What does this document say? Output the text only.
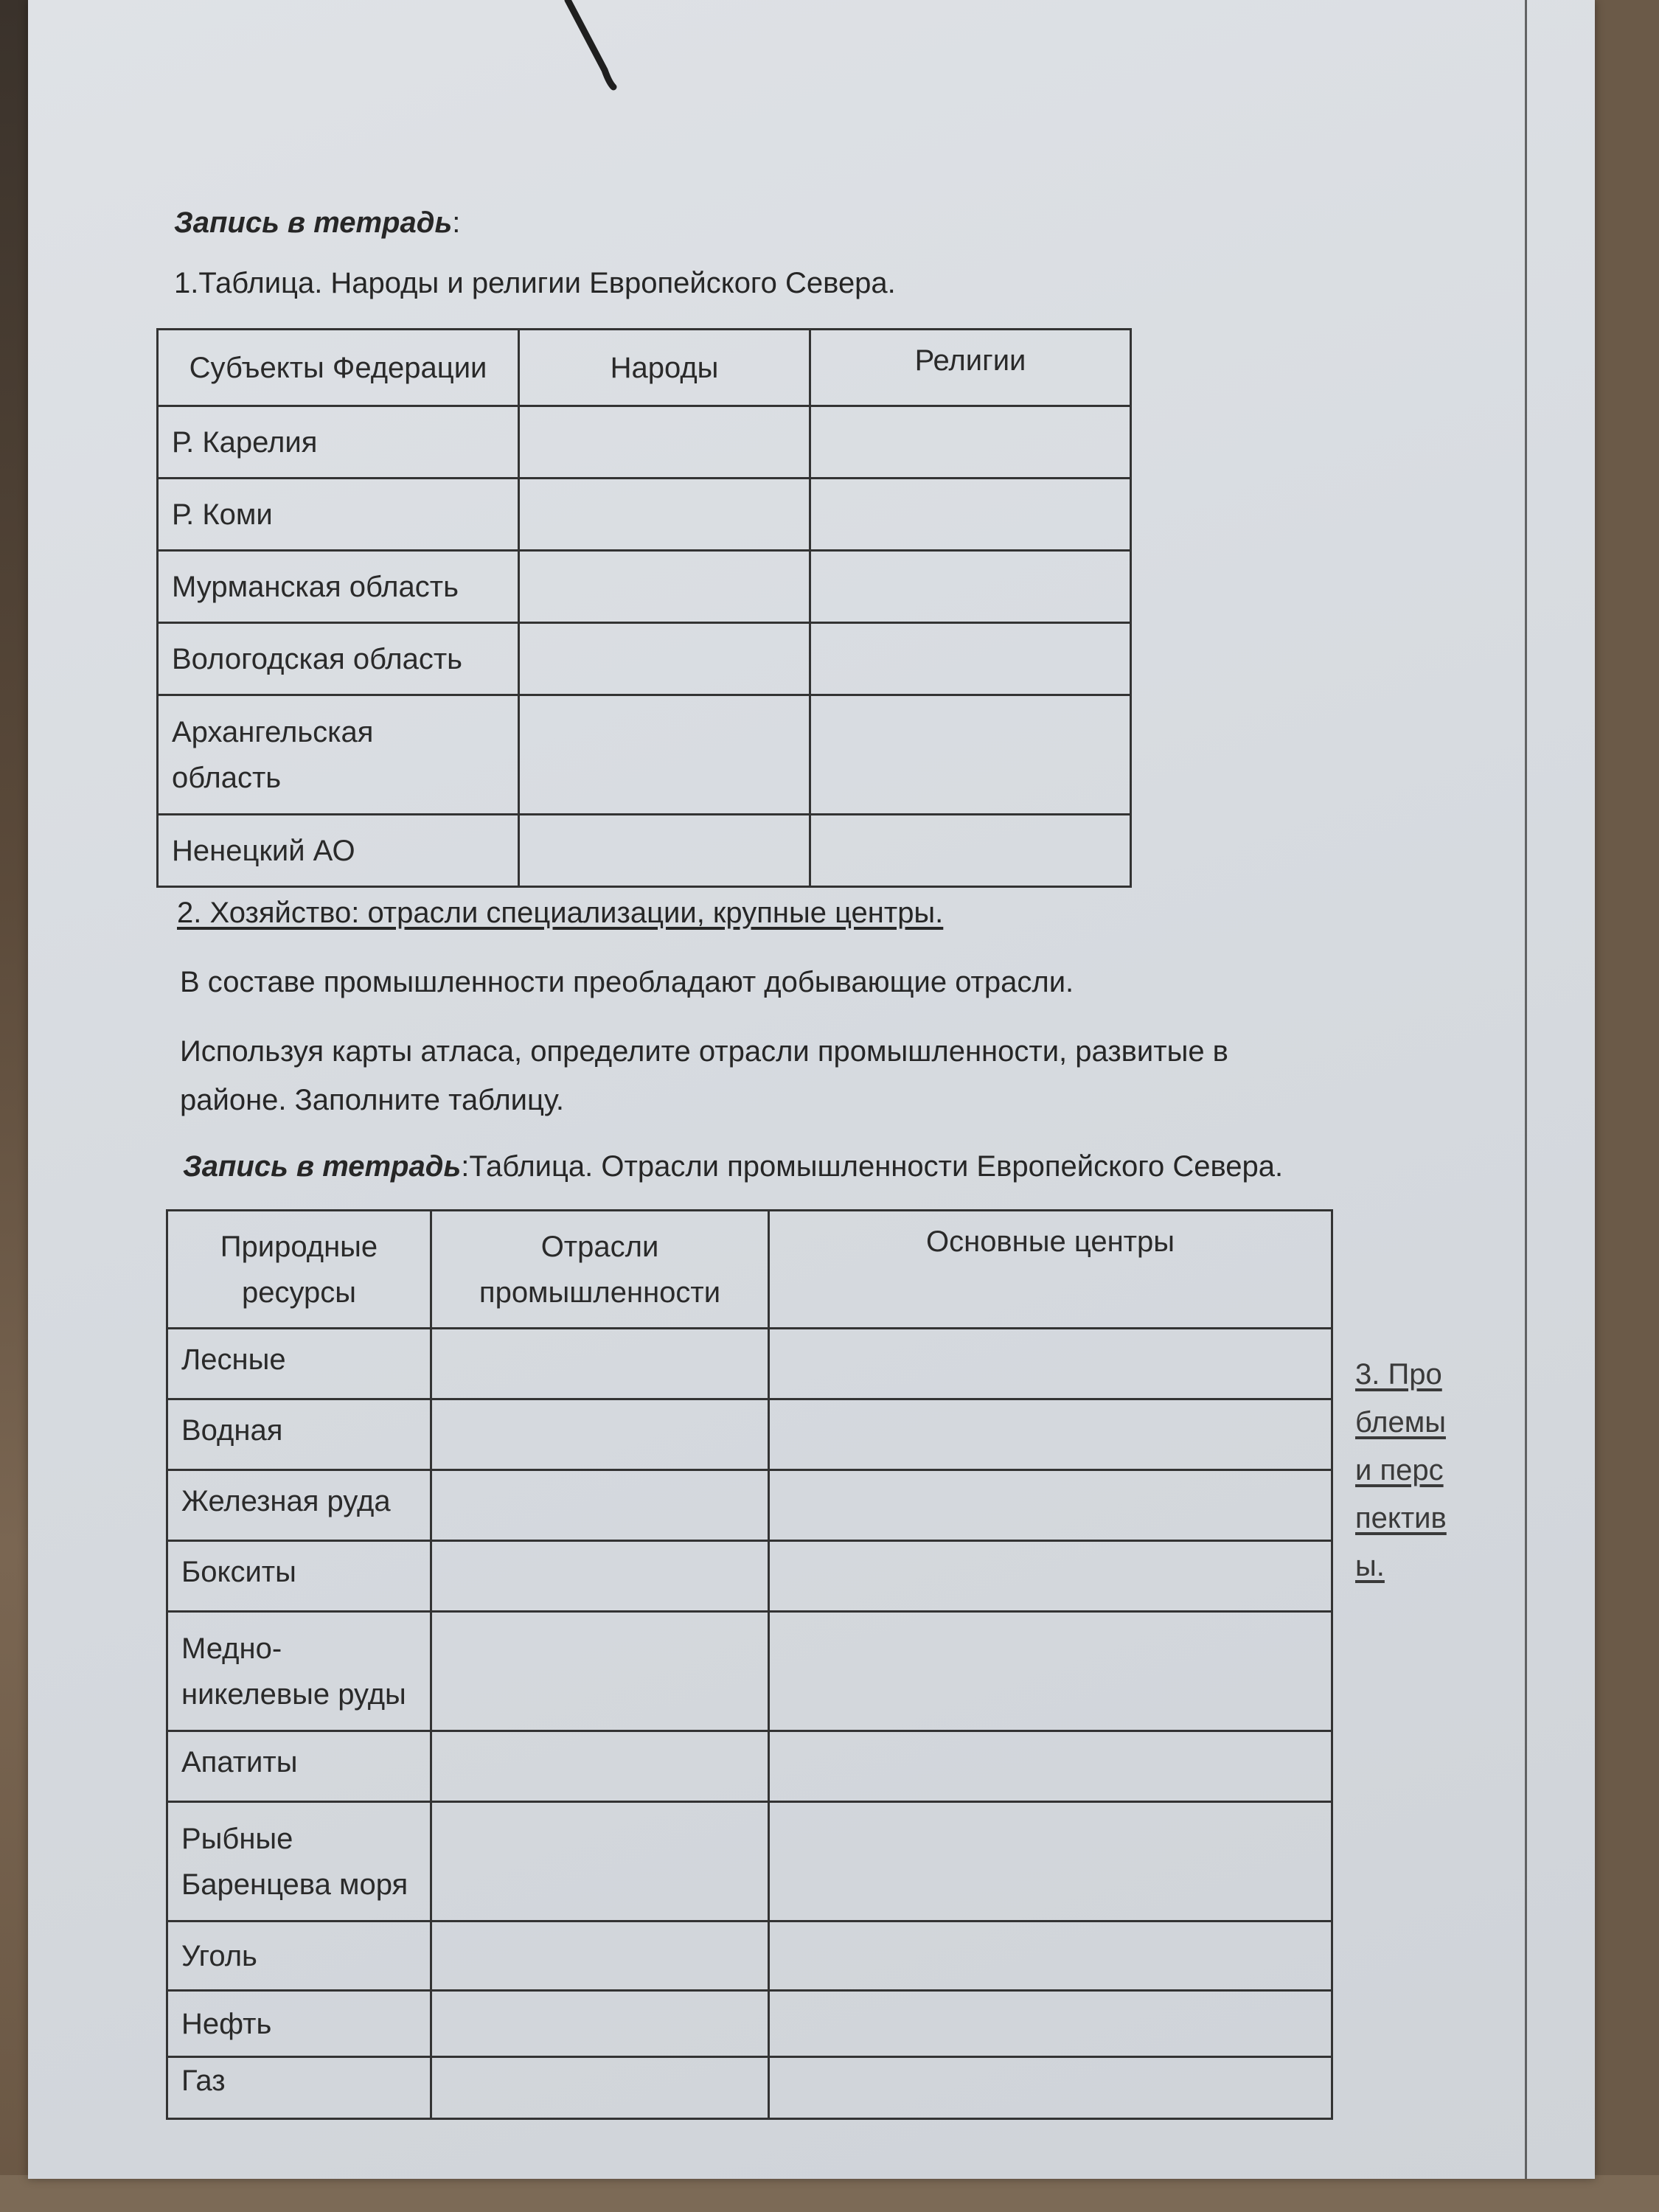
Запись в тетрадь:
1.Таблица. Народы и религии Европейского Севера.
Субъекты Федерации	Народы	Религии
Р. Карелия		
Р. Коми		
Мурманская область		
Вологодская область		

Архангельская область		

Ненецкий АО		
2. Хозяйство: отрасли специализации, крупные центры.
В составе промышленности преобладают добывающие отрасли.
Используя карты атласа, определите отрасли промышленности, развитые в
районе. Заполните таблицу.
Запись в тетрадь:Таблица. Отрасли промышленности Европейского Севера.
Природные ресурсы	Отрасли промышленности	Основные центры
Лесные		
Водная		
Железная руда		
Бокситы		

Медно-никелевые руды		

Апатиты		

Рыбные Баренцева моря		

Уголь		
Нефть		
Газ		
3. Проблемы и перспективы.
